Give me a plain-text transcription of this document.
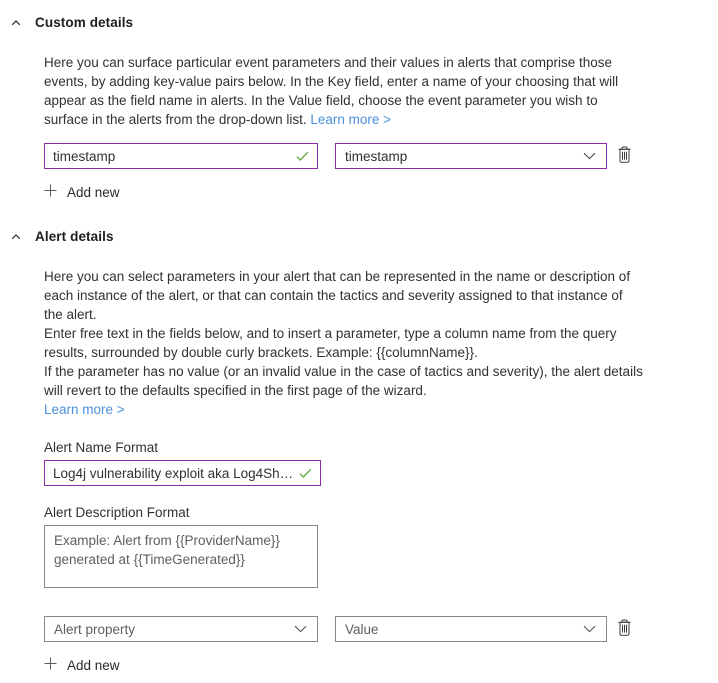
Custom details

Here you can surface particular event parameters and their values in alerts that comprise those events, by adding key-value pairs below. In the Key field, enter a name of your choosing that will appear as the field name in alerts. In the Value field, choose the event parameter you wish to surface in the alerts from the drop-down list. Learn more >

timestamp
timestamp
Add new
Alert details
Here you can select parameters in your alert that can be represented in the name or description of each instance of the alert, or that can contain the tactics and severity assigned to that instance of the alert.
Enter free text in the fields below, and to insert a parameter, type a column name from the query results, surrounded by double curly brackets. Example: {{columnName}}.
If the parameter has no value (or an invalid value in the case of tactics and severity), the alert details will revert to the defaults specified in the first page of the wizard.
Learn more >
Alert Name Format
Log4j vulnerability exploit aka Log4Shell ...
Alert Description Format
Example: Alert from {{ProviderName}} generated at {{TimeGenerated}}
Alert property	Value
Add new
